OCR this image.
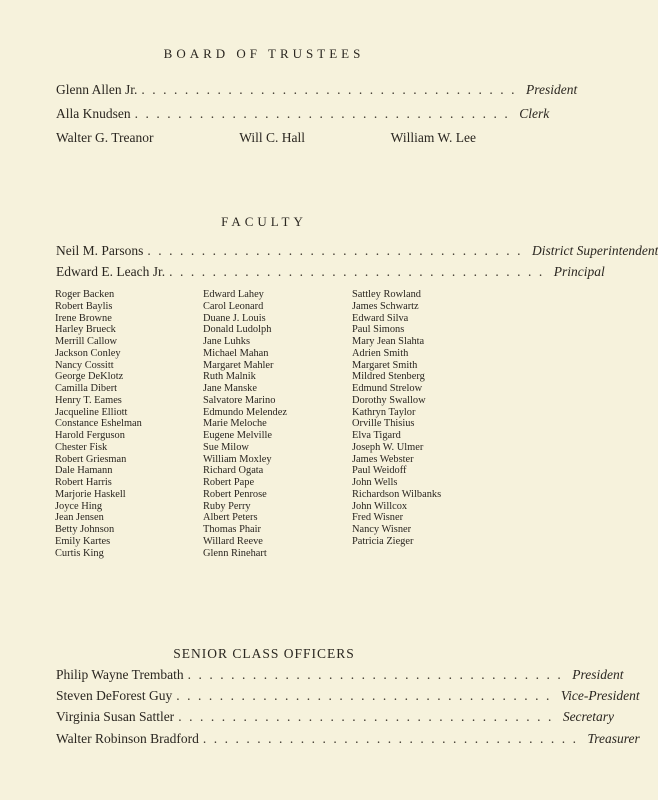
BOARD OF TRUSTEES
Glenn Allen Jr. ................................... President
Alla Knudsen ................................... Clerk
Walter G. Treanor	Will C. Hall	William W. Lee
FACULTY
Neil M. Parsons ................................... District Superintendent
Edward E. Leach Jr. ................................... Principal
Roger Backen
Robert Baylis
Irene Browne
Harley Brueck
Merrill Callow
Jackson Conley
Nancy Cossitt
George DeKlotz
Camilla Dibert
Henry T. Eames
Jacqueline Elliott
Constance Eshelman
Harold Ferguson
Chester Fisk
Robert Griesman
Dale Hamann
Robert Harris
Marjorie Haskell
Joyce Hing
Jean Jensen
Betty Johnson
Emily Kartes
Curtis King
Edward Lahey
Carol Leonard
Duane J. Louis
Donald Ludolph
Jane Luhks
Michael Mahan
Margaret Mahler
Ruth Malnik
Jane Manske
Salvatore Marino
Edmundo Melendez
Marie Meloche
Eugene Melville
Sue Milow
William Moxley
Richard Ogata
Robert Pape
Robert Penrose
Ruby Perry
Albert Peters
Thomas Phair
Willard Reeve
Glenn Rinehart
Sattley Rowland
James Schwartz
Edward Silva
Paul Simons
Mary Jean Slahta
Adrien Smith
Margaret Smith
Mildred Stenberg
Edmund Strelow
Dorothy Swallow
Kathryn Taylor
Orville Thisius
Elva Tigard
Joseph W. Ulmer
James Webster
Paul Weidoff
John Wells
Richardson Wilbanks
John Willcox
Fred Wisner
Nancy Wisner
Patricia Zieger
SENIOR CLASS OFFICERS
Philip Wayne Trembath ................................... President
Steven DeForest Guy ................................... Vice-President
Virginia Susan Sattler ................................... Secretary
Walter Robinson Bradford ................................... Treasurer
